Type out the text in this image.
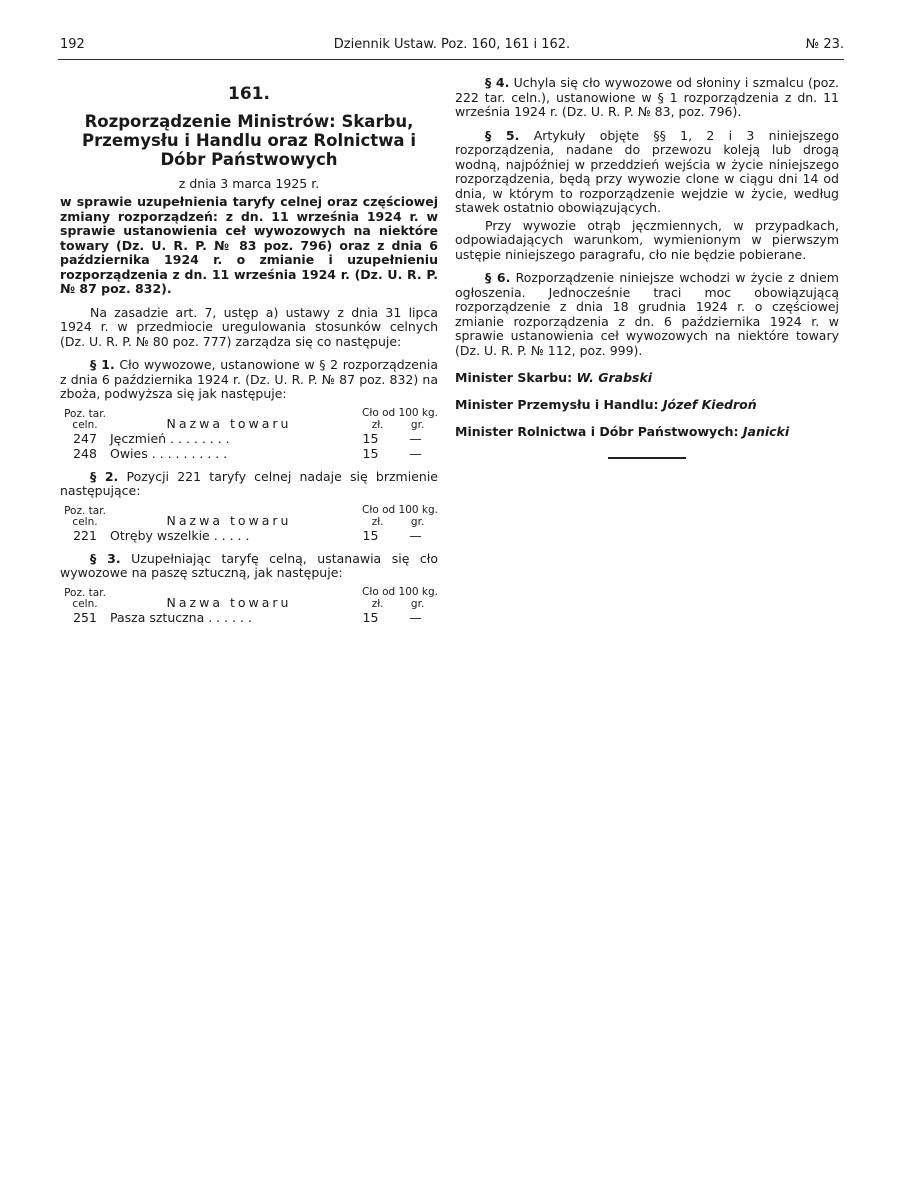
192	Dziennik Ustaw. Poz. 160, 161 i 162.	№ 23.

161.

Rozporządzenie Ministrów: Skarbu, Przemysłu i Handlu oraz Rolnictwa i Dóbr Państwowych

z dnia 3 marca 1925 r.

w sprawie uzupełnienia taryfy celnej oraz częściowej zmiany rozporządzeń: z dn. 11 września 1924 r. w sprawie ustanowienia ceł wywozowych na niektóre towary (Dz. U. R. P. № 83 poz. 796) oraz z dnia 6 października 1924 r. o zmianie i uzupełnieniu rozporządzenia z dn. 11 września 1924 r. (Dz. U. R. P. № 87 poz. 832).

Na zasadzie art. 7, ustęp a) ustawy z dnia 31 lipca 1924 r. w przedmiocie uregulowania stosunków celnych (Dz. U. R. P. № 80 poz. 777) zarządza się co następuje:

§ 1. Cło wywozowe, ustanowione w § 2 rozporządzenia z dnia 6 października 1924 r. (Dz. U. R. P. № 87 poz. 832) na zboża, podwyższa się jak następuje:

Poz. tar. celn.	Nazwa towaru	Cło od 100 kg.
zł. gr.	

247	Jęczmień . . . . . . . .	15	—
248	Owies . . . . . . . . . .	15	—

§ 2. Pozycji 221 taryfy celnej nadaje się brzmienie następujące:

Poz. tar. celn.	Nazwa towaru	Cło od 100 kg.
zł. gr.	

221	Otręby wszelkie . . . . .	15	—

§ 3. Uzupełniając taryfę celną, ustanawia się cło wywozowe na paszę sztuczną, jak następuje:

Poz. tar. celn.	Nazwa towaru	Cło od 100 kg.
zł. gr.	

251	Pasza sztuczna . . . . . .	15	—

§ 4. Uchyla się cło wywozowe od słoniny i szmalcu (poz. 222 tar. celn.), ustanowione w § 1 rozporządzenia z dn. 11 września 1924 r. (Dz. U. R. P. № 83, poz. 796).

§ 5. Artykuły objęte §§ 1, 2 i 3 niniejszego rozporządzenia, nadane do przewozu koleją lub drogą wodną, najpóźniej w przeddzień wejścia w życie niniejszego rozporządzenia, będą przy wywozie clone w ciągu dni 14 od dnia, w którym to rozporządzenie wejdzie w życie, według stawek ostatnio obowiązujących.

Przy wywozie otrąb jęczmiennych, w przypadkach, odpowiadających warunkom, wymienionym w pierwszym ustępie niniejszego paragrafu, cło nie będzie pobierane.

§ 6. Rozporządzenie niniejsze wchodzi w życie z dniem ogłoszenia. Jednocześnie traci moc obowiązującą rozporządzenie z dnia 18 grudnia 1924 r. o częściowej zmianie rozporządzenia z dn. 6 października 1924 r. w sprawie ustanowienia ceł wywozowych na niektóre towary (Dz. U. R. P. № 112, poz. 999).

Minister Skarbu: W. Grabski

Minister Przemysłu i Handlu: Józef Kiedroń

Minister Rolnictwa i Dóbr Państwowych: Janicki
